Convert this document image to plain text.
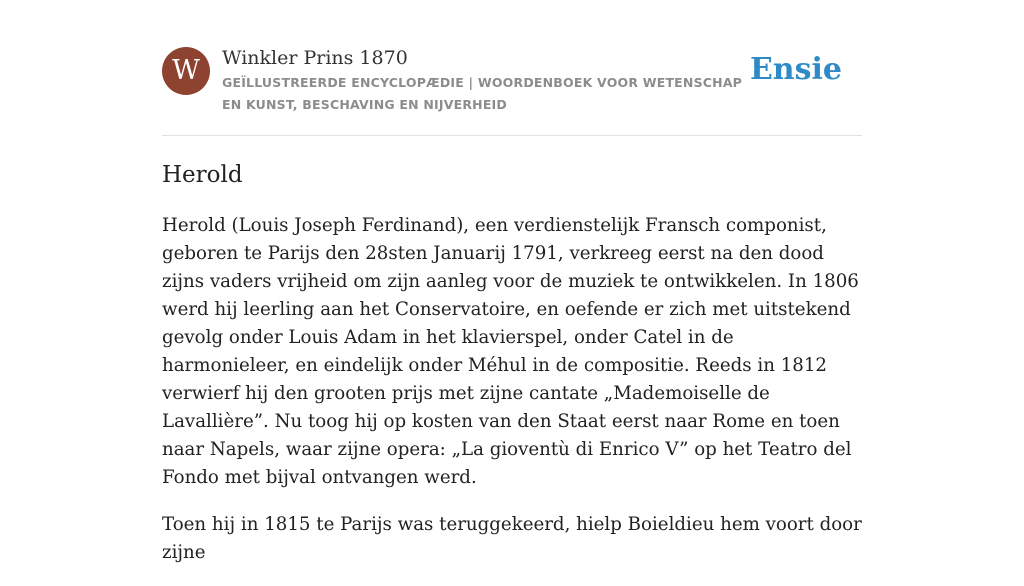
W	Winkler Prins 1870
GEÏLLUSTREERDE ENCYCLOPÆDIE | WOORDENBOEK VOOR WETENSCHAP EN KUNST, BESCHAVING EN NIJVERHEID
Ensie
Herold

Herold (Louis Joseph Ferdinand), een verdienstelijk Fransch componist, geboren te Parijs den 28sten Januarij 1791, verkreeg eerst na den dood zijns vaders vrijheid om zijn aanleg voor de muziek te ontwikkelen. In 1806 werd hij leerling aan het Conservatoire, en oefende er zich met uitstekend gevolg onder Louis Adam in het klavierspel, onder Catel in de harmonieleer, en eindelijk onder Méhul in de compositie. Reeds in 1812 verwierf hij den grooten prijs met zijne cantate „Mademoiselle de Lavallière”. Nu toog hij op kosten van den Staat eerst naar Rome en toen naar Napels, waar zijne opera: „La gioventù di Enrico V” op het Teatro del Fondo met bijval ontvangen werd.

Toen hij in 1815 te Parijs was teruggekeerd, hielp Boieldieu hem voort door zijne
